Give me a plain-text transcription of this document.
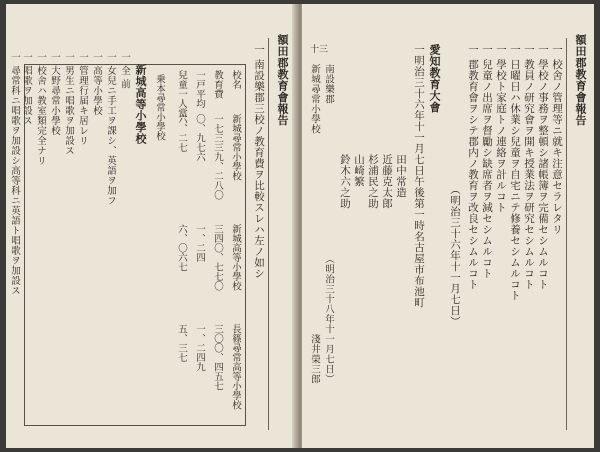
額田郡教育會報告
一 南設樂郡三校ノ教育費ヲ比較スレハ左ノ如シ
校名
新城尋常小學校
新城高等小學校
長篠尋常高等小學校
教育費
一戸平均
兒童一人當
一七三三九、二八〇
〇、九七六
六、二七
三四〇、七七〇
一、二四
六、〇六七
三〇〇、四五七
一、二四九
五、三七
乗本尋常小學校
新城高等小學校
一 全 前
一 女兒ニ手工ヲ課シ、英語ヲ加フ
一 高等小學校
一 管理行届キ居レリ
一 男生ニ唱歌ヲ加設ス
一 大野尋常小學校
一 校舍ハ教室類完全ナリ
一 唱歌ヲ加設ス
一 尋常科ニ唱歌ヲ加設シ高等科ニ英語ト唱歌ヲ加設ス	額田郡教育會報告
十三	一 校舍ノ管理等ニ就キ注意セラレタリ
一 學校ノ事務ヲ整頓シ諸帳簿ヲ完備セシムルコト
一 教員ノ研究會ヲ開キ授業法ヲ研究セシムルコト
一 日曜日ハ休業シ兒童ヲ自宅ニテ修養セシムルコト
一 學校ト家庭トノ連絡ヲ計ルコト
一 兒童ノ出席ヲ督勵シ缺席者ヲ減セシムルコト
一 郡教育會ヲシテ郡内ノ教育ヲ改良セシムルコト
（明治三十六年十一月七日）
愛知教育大會
一明治三十六年十一月七日午後第一時名古屋市布池町
田中常造
近藤克太郎
杉浦民之助
山崎繁
鈴木六之助
南設樂郡
新城尋常小學校
（明治三十八年十一月七日）
淺井榮三郎
